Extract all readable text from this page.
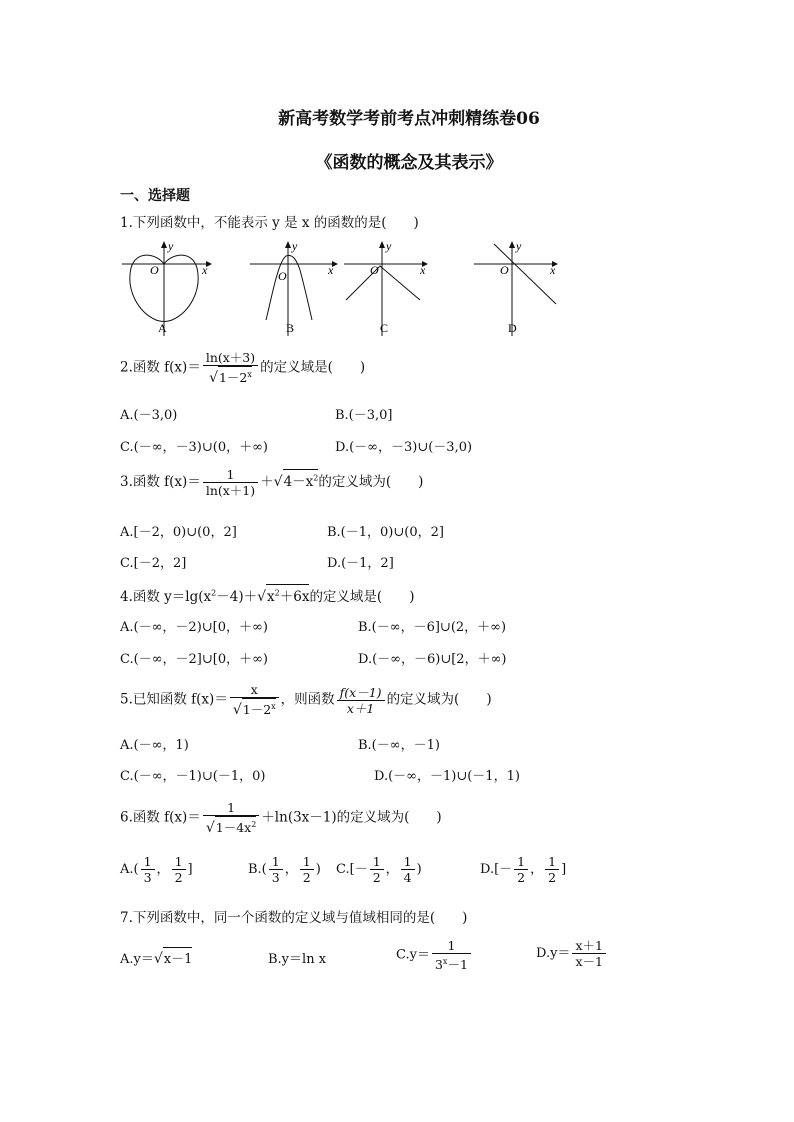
新高考数学考前考点冲刺精练卷06
《函数的概念及其表示》
一、选择题
1.下列函数中，不能表示 y 是 x 的函数的是(　　)
y
x
O
A
y
x
O
B
y
x
O
C
y
x
O
D
2.函数 $f(x)= \frac{\ln(x+3)}{√1-2^x}$ 的定义域是(　　)
A.(－3,0)	B.(－3,0]
C.(－∞，－3)∪(0，＋∞)	D.(－∞，－3)∪(－3,0)
3.函数 $f(x)= \frac{1}{\ln(x+1)} +√4-x^2$的定义域为(　　)
A.[－2，0)∪(0，2]	B.(－1，0)∪(0，2]
C.[－2，2]	D.(－1，2]
4.函数 $y=\lg(x^2-4)+√x^2+6x$的定义域是(　　)
A.(－∞，－2)∪[0，＋∞)	B.(－∞，－6]∪(2，＋∞)
C.(－∞，－2]∪[0，＋∞)	D.(－∞，－6)∪[2，＋∞)
5.已知函数 $f(x)= \frac{x}{√1-2^x}$ ，则函数 $\frac{f(x-1)}{x+1}$ 的定义域为(　　)
A.(－∞，1)	B.(－∞，－1)
C.(－∞，－1)∪(－1，0)	D.(－∞，－1)∪(－1，1)
6.函数 $f(x)= \frac{1}{√1-4x^2} +\ln(3x-1)$的定义域为(　　)
$A.( \frac{1}{3}$ ， $\frac{1}{2}$ ]	$B.( \frac{1}{3}$ ， $\frac{1}{2}$ ) $C.[- \frac{1}{2}$ ， $\frac{1}{4}$ )	$D.[- \frac{1}{2}$ ， $\frac{1}{2}$ ]
7.下列函数中，同一个函数的定义域与值域相同的是(　　)
A.y＝√x－1	B.y＝ln x	$C.y= \frac{1}{3^x-1}$	$D.y= \frac{x+1}{x-1}$
